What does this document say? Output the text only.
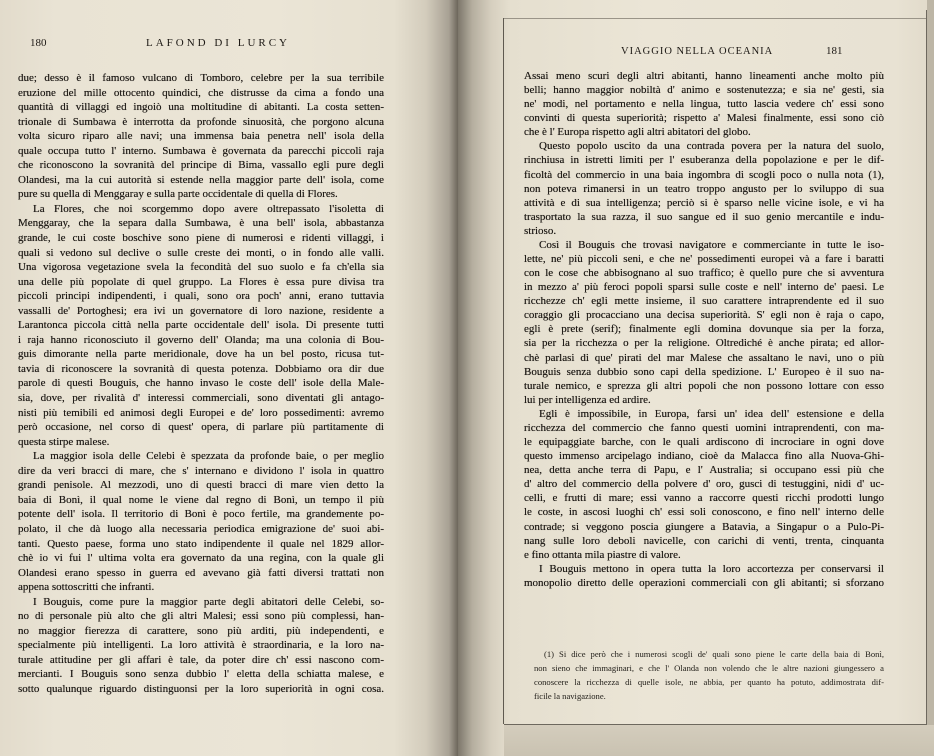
180	LAFOND DI LURCY
VIAGGIO NELLA OCEANIA	181
due; desso è il famoso vulcano di Tomboro, celebre per la sua terribile
eruzione del mille ottocento quindici, che distrusse da cima a fondo una
quantità di villaggi ed ingoiò una moltitudine di abitanti. La costa setten-
trionale di Sumbawa è interrotta da profonde sinuosità, che porgono alcuna
volta sicuro riparo alle navi; una immensa baia penetra nell' isola della
quale occupa tutto l' interno. Sumbawa è governata da parecchi piccoli raja
che riconoscono la sovranità del principe di Bima, vassallo egli pure degli
Olandesi, ma la cui autorità si estende nella maggior parte dell' isola, come
pure su quella di Menggaray e sulla parte occidentale di quella di Flores.
La Flores, che noi scorgemmo dopo avere oltrepassato l'isoletta di
Menggaray, che la separa dalla Sumbawa, è una bell' isola, abbastanza
grande, le cui coste boschive sono piene di numerosi e ridenti villaggi, i
quali si vedono sul declive o sulle creste dei monti, o in fondo alle valli.
Una vigorosa vegetazione svela la fecondità del suo suolo e fa ch'ella sia
una delle più popolate di quel gruppo. La Flores è essa pure divisa tra
piccoli principi indipendenti, i quali, sono ora poch' anni, erano tuttavia
vassalli de' Portoghesi; era ivi un governatore di loro nazione, residente a
Larantonca piccola città nella parte occidentale dell' isola. Di presente tutti
i raja hanno riconosciuto il governo dell' Olanda; ma una colonia di Bou-
guis dimorante nella parte meridionale, dove ha un bel posto, ricusa tut-
tavia di riconoscere la sovranità di questa potenza. Dobbiamo ora dir due
parole di questi Bouguis, che hanno invaso le coste dell' isole della Male-
sia, dove, per rivalità d' interessi commerciali, sono diventati gli antago-
nisti più temibili ed animosi degli Europei e de' loro possedimenti: avremo
però occasione, nel corso di quest' opera, di parlare più partitamente di
questa stirpe malese.
La maggior isola delle Celebi è spezzata da profonde baie, o per meglio
dire da veri bracci di mare, che s' internano e dividono l' isola in quattro
grandi penisole. Al mezzodì, uno di questi bracci di mare vien detto la
baia di Bonì, il qual nome le viene dal regno di Bonì, un tempo il più
potente dell' isola. Il territorio di Bonì è poco fertile, ma grandemente po-
polato, il che dà luogo alla necessaria periodica emigrazione de' suoi abi-
tanti. Questo paese, forma uno stato indipendente il quale nel 1829 allor-
chè io vi fui l' ultima volta era governato da una regina, con la quale gli
Olandesi erano spesso in guerra ed avevano già fatti diversi trattati non
appena sottoscritti che infranti.
I Bouguis, come pure la maggior parte degli abitatori delle Celebi, so-
no di personale più alto che gli altri Malesi; essi sono più complessi, han-
no maggior fierezza di carattere, sono più arditi, più independenti, e
specialmente più intelligenti. La loro attività è straordinaria, e la loro na-
turale attitudine per gli affari è tale, da poter dire ch' essi nascono com-
mercianti. I Bouguis sono senza dubbio l' eletta della schiatta malese, e
sotto qualunque riguardo distinguonsi per la loro superiorità in ogni cosa.
Assai meno scuri degli altri abitanti, hanno lineamenti anche molto più
belli; hanno maggior nobiltà d' animo e sostenutezza; e sia ne' gesti, sia
ne' modi, nel portamento e nella lingua, tutto lascia vedere ch' essi sono
convinti di questa superiorità; rispetto a' Malesi finalmente, essi sono ciò
che è l' Europa rispetto agli altri abitatori del globo.
Questo popolo uscito da una contrada povera per la natura del suolo,
rinchiusa in istretti limiti per l' esuberanza della popolazione e per le dif-
ficoltà del commercio in una baia ingombra di scogli poco o nulla nota (1),
non poteva rimanersi in un teatro troppo angusto per lo sviluppo di sua
attività e di sua intelligenza; perciò si è sparso nelle vicine isole, e vi ha
trasportato la sua razza, il suo sangue ed il suo genio mercantile e indu-
strioso.
Così il Bouguis che trovasi navigatore e commerciante in tutte le iso-
lette, ne' più piccoli seni, e che ne' possedimenti europei và a fare i baratti
con le cose che abbisognano al suo traffico; è quello pure che si avventura
in mezzo a' più feroci popoli sparsi sulle coste e nell' interno de' paesi. Le
ricchezze ch' egli mette insieme, il suo carattere intraprendente ed il suo
coraggio gli procacciano una decisa superiorità. S' egli non è raja o capo,
egli è prete (serif); finalmente egli domina dovunque sia per la forza,
sia per la ricchezza o per la religione. Oltrediché è anche pirata; ed allor-
chè parlasi di que' pirati del mar Malese che assaltano le navi, uno o più
Bouguis senza dubbio sono capi della spedizione. L' Europeo è il suo na-
turale nemico, e sprezza gli altri popoli che non possono lottare con esso
lui per intelligenza ed ardire.
Egli è impossibile, in Europa, farsi un' idea dell' estensione e della
ricchezza del commercio che fanno questi uomini intraprendenti, con ma-
le equipaggiate barche, con le quali ardiscono di incrociare in ogni dove
questo immenso arcipelago indiano, cioè da Malacca fino alla Nuova-Ghi-
nea, detta anche terra di Papu, e l' Australia; si occupano essi più che
d' altro del commercio della polvere d' oro, gusci di testuggini, nidi d' uc-
celli, e frutti di mare; essi vanno a raccorre questi ricchi prodotti lungo
le coste, in ascosi luoghi ch' essi soli conoscono, e fino nell' interno delle
contrade; si veggono poscia giungere a Batavia, a Singapur o a Pulo-Pi-
nang sulle loro deboli navicelle, con carichi di venti, trenta, cinquanta
e fino ottanta mila piastre di valore.
I Bouguis mettono in opera tutta la loro accortezza per conservarsi il
monopolio diretto delle operazioni commerciali con gli abitanti; si sforzano
(1) Si dice però che i numerosi scogli de' quali sono piene le carte della baia di Bonì,
non sieno che immaginari, e che l' Olanda non volendo che le altre nazioni giungessero a
conoscere la ricchezza di quelle isole, ne abbia, per quanto ha potuto, addimostrata dif-
ficile la navigazione.
